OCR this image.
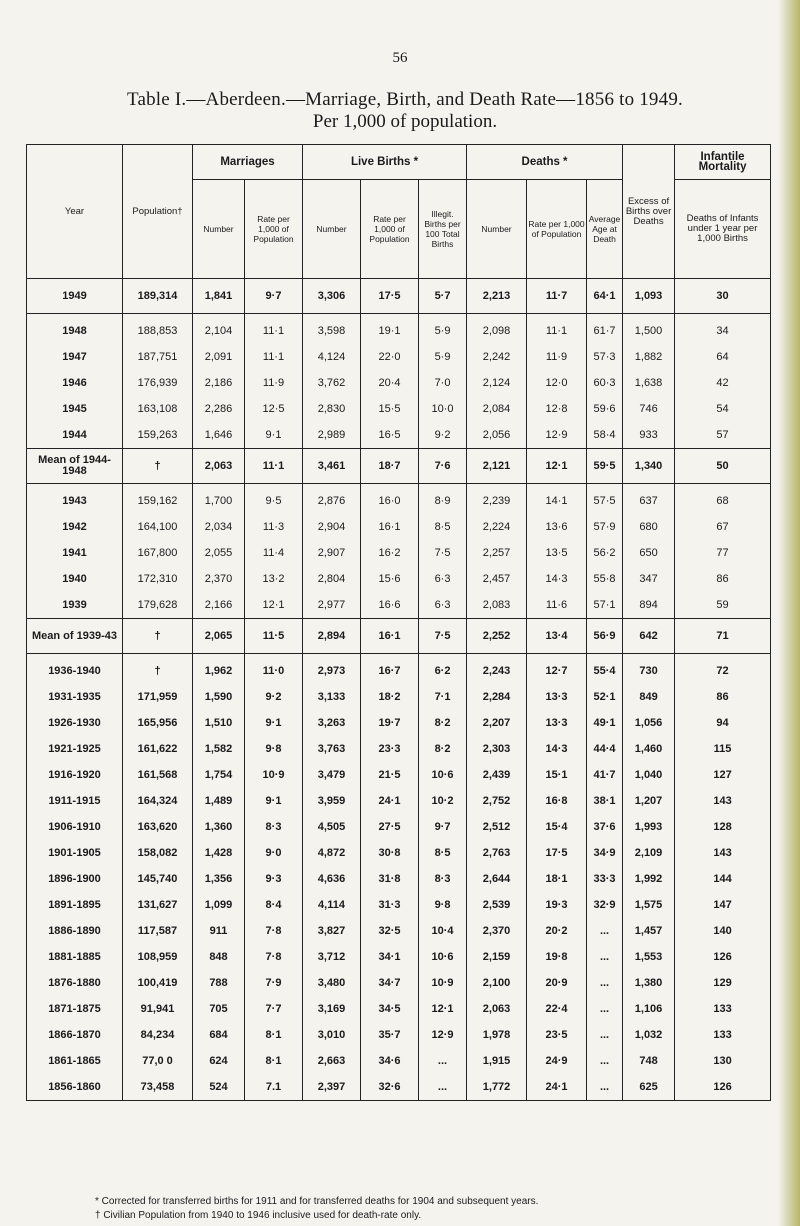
56
Table I.—Aberdeen.—Marriage, Birth, and Death Rate—1856 to 1949.
Per 1,000 of population.
Year	Population†	Marriages		Live Births *			Deaths *			Excess of Births over Deaths	Infantile Mortality
		Number	Rate per 1,000 of Population	Number	Rate per 1,000 of Population	Illegit. Births per 100 Total Births	Number	Rate per 1,000 of Population	Average Age at Death		Deaths of Infants under 1 year per 1,000 Births
1949	189,314	1,841	9·7	3,306	17·5	5·7	2,213	11·7	64·1	1,093	30
1948	188,853	2,104	11·1	3,598	19·1	5·9	2,098	11·1	61·7	1,500	34
1947	187,751	2,091	11·1	4,124	22·0	5·9	2,242	11·9	57·3	1,882	64
1946	176,939	2,186	11·9	3,762	20·4	7·0	2,124	12·0	60·3	1,638	42
1945	163,108	2,286	12·5	2,830	15·5	10·0	2,084	12·8	59·6	746	54
1944	159,263	1,646	9·1	2,989	16·5	9·2	2,056	12·9	58·4	933	57
Mean of 1944-1948	†	2,063	11·1	3,461	18·7	7·6	2,121	12·1	59·5	1,340	50
1943	159,162	1,700	9·5	2,876	16·0	8·9	2,239	14·1	57·5	637	68
1942	164,100	2,034	11·3	2,904	16·1	8·5	2,224	13·6	57·9	680	67
1941	167,800	2,055	11·4	2,907	16·2	7·5	2,257	13·5	56·2	650	77
1940	172,310	2,370	13·2	2,804	15·6	6·3	2,457	14·3	55·8	347	86
1939	179,628	2,166	12·1	2,977	16·6	6·3	2,083	11·6	57·1	894	59
Mean of 1939-43	†	2,065	11·5	2,894	16·1	7·5	2,252	13·4	56·9	642	71
1936-1940	†	1,962	11·0	2,973	16·7	6·2	2,243	12·7	55·4	730	72
1931-1935	171,959	1,590	9·2	3,133	18·2	7·1	2,284	13·3	52·1	849	86
1926-1930	165,956	1,510	9·1	3,263	19·7	8·2	2,207	13·3	49·1	1,056	94
1921-1925	161,622	1,582	9·8	3,763	23·3	8·2	2,303	14·3	44·4	1,460	115
1916-1920	161,568	1,754	10·9	3,479	21·5	10·6	2,439	15·1	41·7	1,040	127
1911-1915	164,324	1,489	9·1	3,959	24·1	10·2	2,752	16·8	38·1	1,207	143
1906-1910	163,620	1,360	8·3	4,505	27·5	9·7	2,512	15·4	37·6	1,993	128
1901-1905	158,082	1,428	9·0	4,872	30·8	8·5	2,763	17·5	34·9	2,109	143
1896-1900	145,740	1,356	9·3	4,636	31·8	8·3	2,644	18·1	33·3	1,992	144
1891-1895	131,627	1,099	8·4	4,114	31·3	9·8	2,539	19·3	32·9	1,575	147
1886-1890	117,587	911	7·8	3,827	32·5	10·4	2,370	20·2	...	1,457	140
1881-1885	108,959	848	7·8	3,712	34·1	10·6	2,159	19·8	...	1,553	126
1876-1880	100,419	788	7·9	3,480	34·7	10·9	2,100	20·9	...	1,380	129
1871-1875	91,941	705	7·7	3,169	34·5	12·1	2,063	22·4	...	1,106	133
1866-1870	84,234	684	8·1	3,010	35·7	12·9	1,978	23·5	...	1,032	133
1861-1865	77,0 0	624	8·1	2,663	34·6	...	1,915	24·9	...	748	130
1856-1860	73,458	524	7.1	2,397	32·6	...	1,772	24·1	...	625	126
* Corrected for transferred births for 1911 and for transferred deaths for 1904 and subsequent years.
† Civilian Population from 1940 to 1946 inclusive used for death-rate only.
